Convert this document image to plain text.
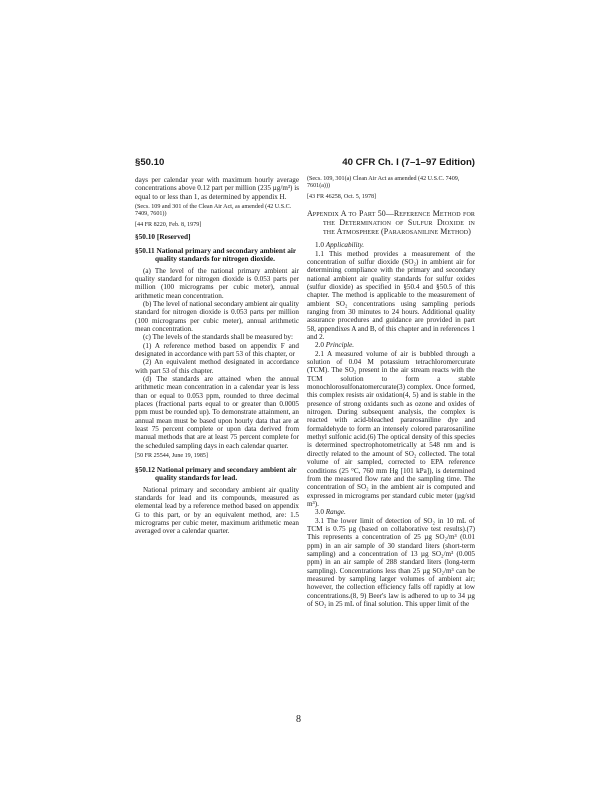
§50.10	40 CFR Ch. I (7–1–97 Edition)

days per calendar year with maximum hourly average concentrations above 0.12 part per million (235 µg/m³) is equal to or less than 1, as determined by appendix H.

(Secs. 109 and 301 of the Clean Air Act, as amended (42 U.S.C. 7409, 7601))

[44 FR 8220, Feb. 8, 1979]

§50.10 [Reserved]

§50.11 National primary and secondary ambient air quality standards for nitrogen dioxide.

(a) The level of the national primary ambient air quality standard for nitrogen dioxide is 0.053 parts per million (100 micrograms per cubic meter), annual arithmetic mean concentration.

(b) The level of national secondary ambient air quality standard for nitrogen dioxide is 0.053 parts per million (100 micrograms per cubic meter), annual arithmetic mean concentration.

(c) The levels of the standards shall be measured by:

(1) A reference method based on appendix F and designated in accordance with part 53 of this chapter, or

(2) An equivalent method designated in accordance with part 53 of this chapter.

(d) The standards are attained when the annual arithmetic mean concentration in a calendar year is less than or equal to 0.053 ppm, rounded to three decimal places (fractional parts equal to or greater than 0.0005 ppm must be rounded up). To demonstrate attainment, an annual mean must be based upon hourly data that are at least 75 percent complete or upon data derived from manual methods that are at least 75 percent complete for the scheduled sampling days in each calendar quarter.

[50 FR 25544, June 19, 1985]

§50.12 National primary and secondary ambient air quality standards for lead.

National primary and secondary ambient air quality standards for lead and its compounds, measured as elemental lead by a reference method based on appendix G to this part, or by an equivalent method, are: 1.5 micrograms per cubic meter, maximum arithmetic mean averaged over a calendar quarter.

(Secs. 109, 301(a) Clean Air Act as amended (42 U.S.C. 7409, 7601(a)))

[43 FR 46258, Oct. 5, 1978]

Appendix A to Part 50—Reference Method for the Determination of Sulfur Dioxide in the Atmosphere (Pararosaniline Method)

1.0 Applicability.

1.1 This method provides a measurement of the concentration of sulfur dioxide (SO₂) in ambient air for determining compliance with the primary and secondary national ambient air quality standards for sulfur oxides (sulfur dioxide) as specified in §50.4 and §50.5 of this chapter. The method is applicable to the measurement of ambient SO₂ concentrations using sampling periods ranging from 30 minutes to 24 hours. Additional quality assurance procedures and guidance are provided in part 58, appendixes A and B, of this chapter and in references 1 and 2.

2.0 Principle.

2.1 A measured volume of air is bubbled through a solution of 0.04 M potassium tetrachloromercurate (TCM). The SO₂ present in the air stream reacts with the TCM solution to form a stable monochlorosulfonatomercurate(3) complex. Once formed, this complex resists air oxidation(4, 5) and is stable in the presence of strong oxidants such as ozone and oxides of nitrogen. During subsequent analysis, the complex is reacted with acid-bleached pararosaniline dye and formaldehyde to form an intensely colored pararosaniline methyl sulfonic acid.(6) The optical density of this species is determined spectrophotometrically at 548 nm and is directly related to the amount of SO₂ collected. The total volume of air sampled, corrected to EPA reference conditions (25 °C, 760 mm Hg [101 kPa]), is determined from the measured flow rate and the sampling time. The concentration of SO₂ in the ambient air is computed and expressed in micrograms per standard cubic meter (µg/std m³).

3.0 Range.

3.1 The lower limit of detection of SO₂ in 10 mL of TCM is 0.75 µg (based on collaborative test results).(7) This represents a concentration of 25 µg SO₂/m³ (0.01 ppm) in an air sample of 30 standard liters (short-term sampling) and a concentration of 13 µg SO₂/m³ (0.005 ppm) in an air sample of 288 standard liters (long-term sampling). Concentrations less than 25 µg SO₂/m³ can be measured by sampling larger volumes of ambient air; however, the collection efficiency falls off rapidly at low concentrations.(8, 9) Beer's law is adhered to up to 34 µg of SO₂ in 25 mL of final solution. This upper limit of the

8
